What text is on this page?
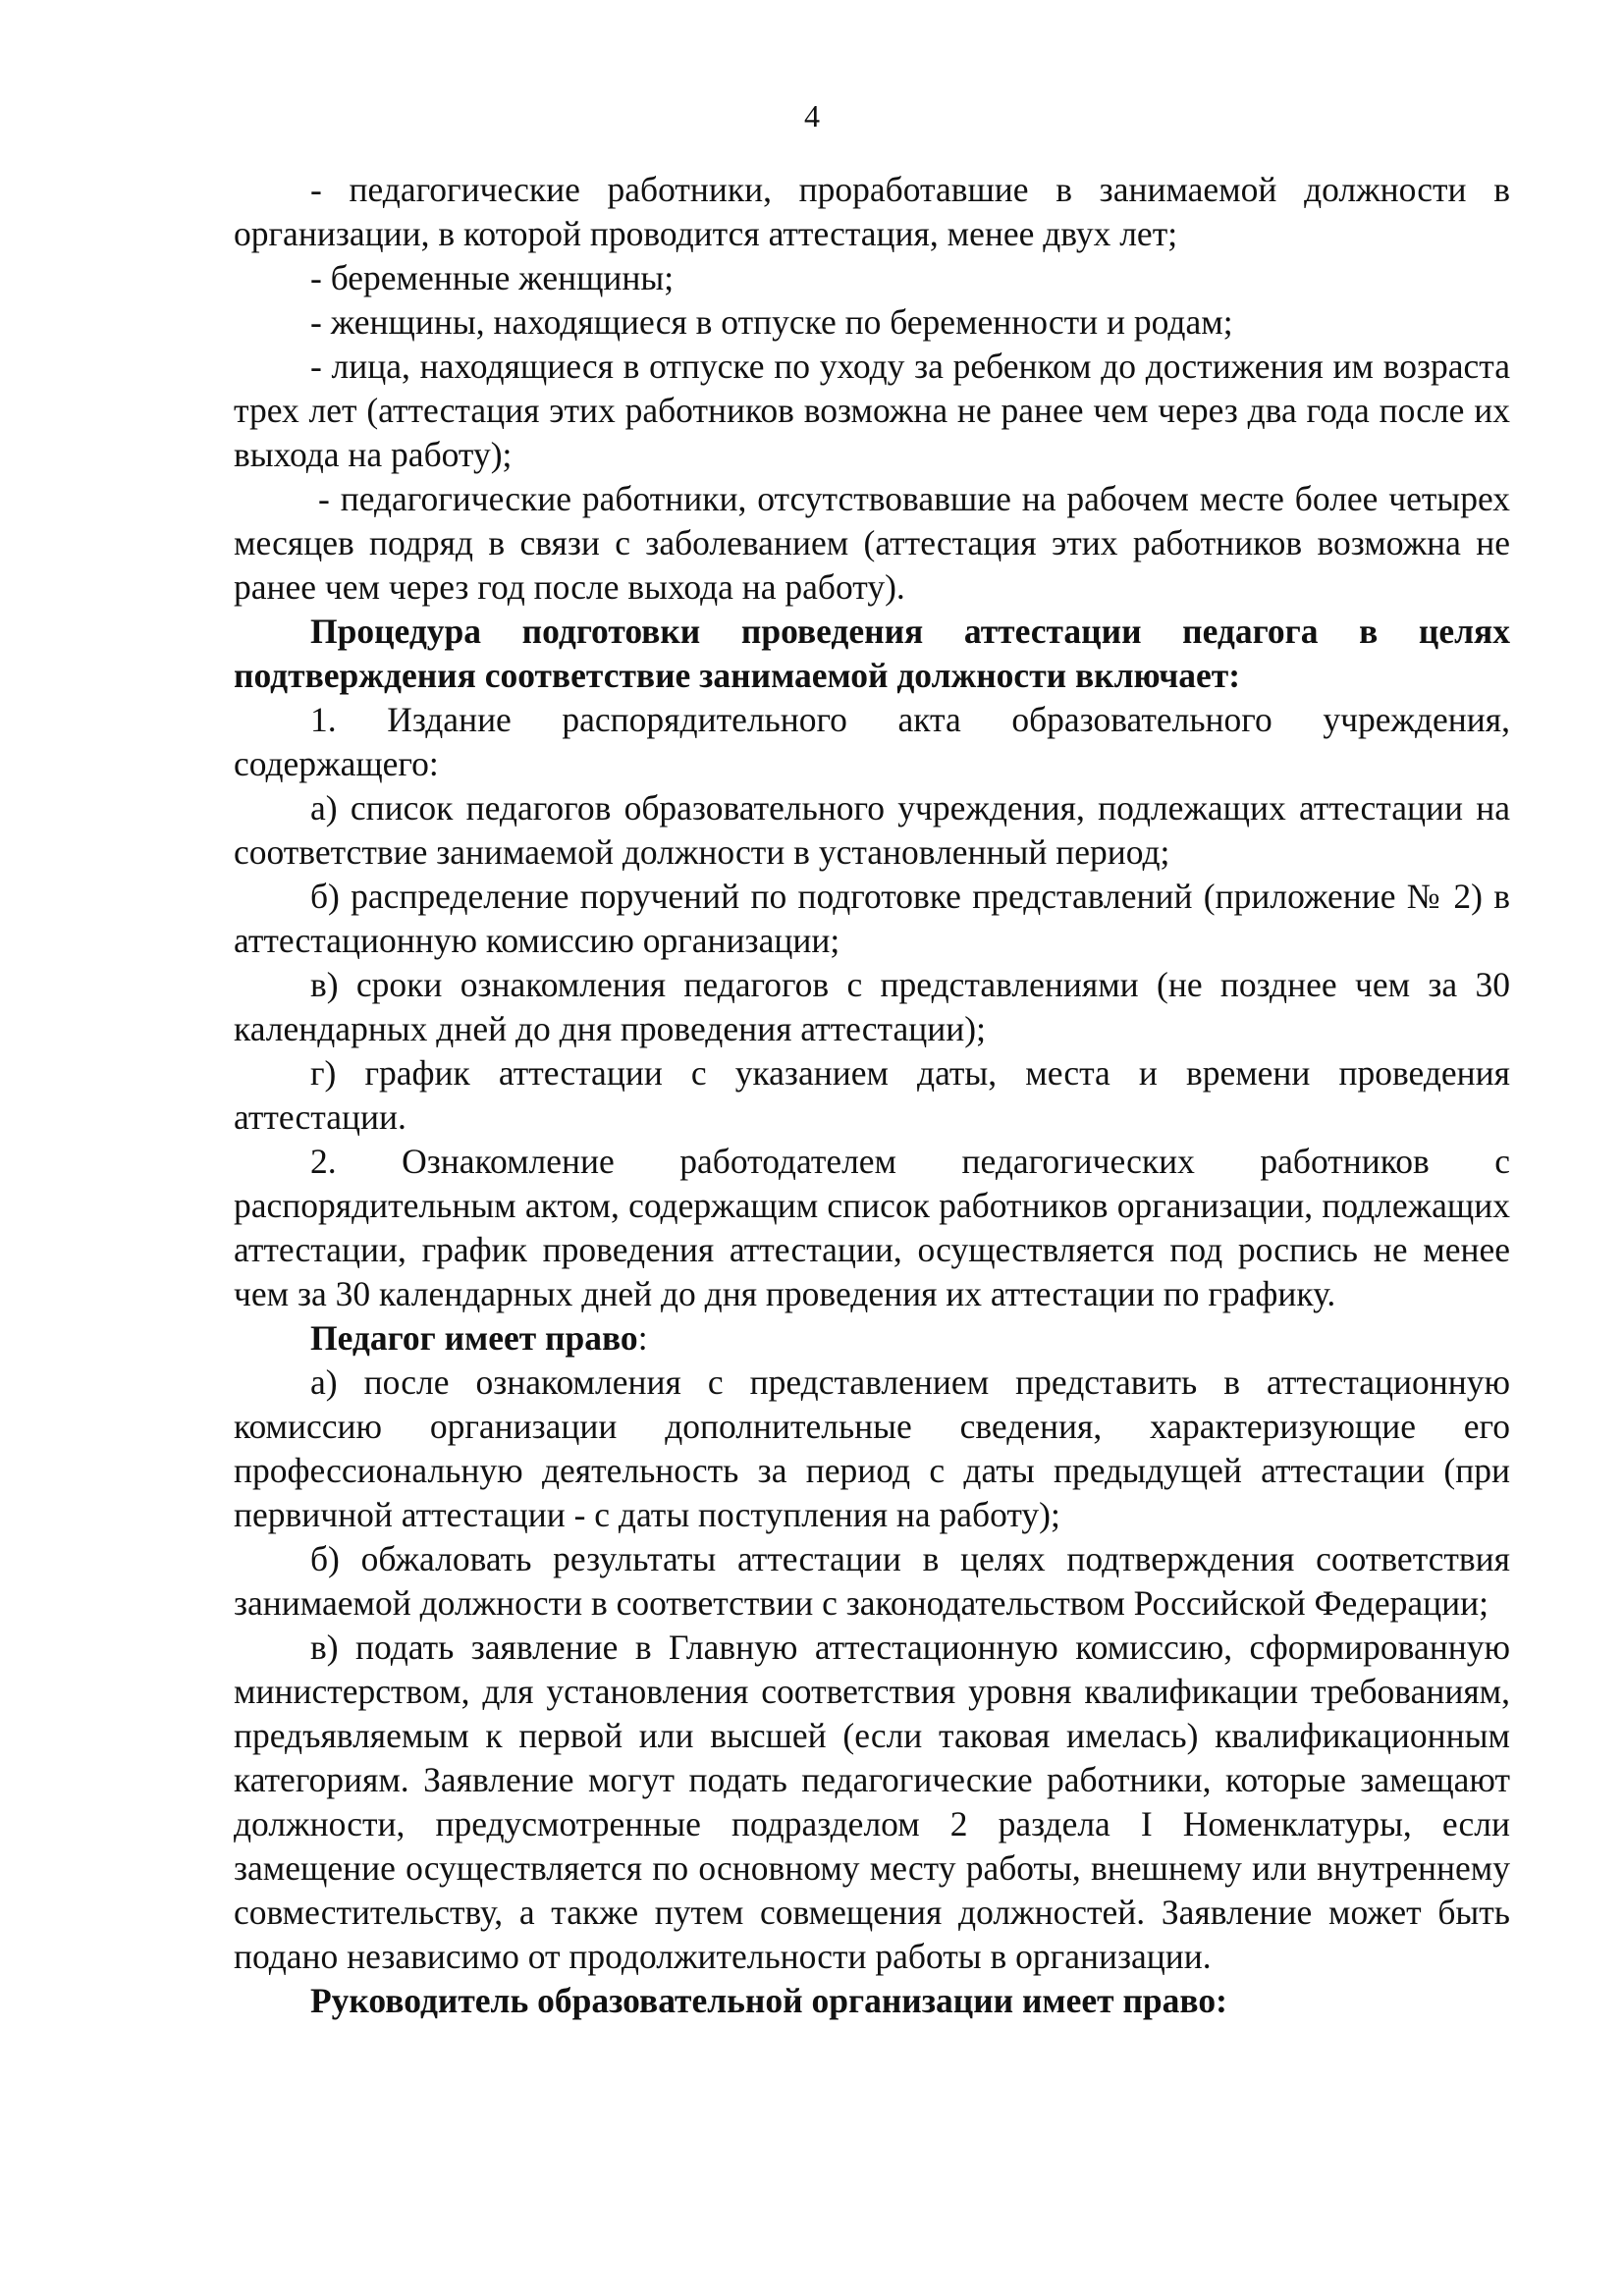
4

- педагогические работники, проработавшие в занимаемой должности в организации, в которой проводится аттестация, менее двух лет;

- беременные женщины;

- женщины, находящиеся в отпуске по беременности и родам;

- лица, находящиеся в отпуске по уходу за ребенком до достижения им возраста трех лет (аттестация этих работников возможна не ранее чем через два года после их выхода на работу);

- педагогические работники, отсутствовавшие на рабочем месте более четырех месяцев подряд в связи с заболеванием (аттестация этих работников возможна не ранее чем через год после выхода на работу).

Процедура подготовки проведения аттестации педагога в целях подтверждения соответствие занимаемой должности включает:

1. Издание распорядительного акта образовательного учреждения, содержащего:

а) список педагогов образовательного учреждения, подлежащих аттестации на соответствие занимаемой должности в установленный период;

б) распределение поручений по подготовке представлений (приложение № 2) в аттестационную комиссию организации;

в) сроки ознакомления педагогов с представлениями (не позднее чем за 30 календарных дней до дня проведения аттестации);

г) график аттестации с указанием даты, места и времени проведения аттестации.

2. Ознакомление работодателем педагогических работников с распорядительным актом, содержащим список работников организации, подлежащих аттестации, график проведения аттестации, осуществляется под роспись не менее чем за 30 календарных дней до дня проведения их аттестации по графику.

Педагог имеет право:

а) после ознакомления с представлением представить в аттестационную комиссию организации дополнительные сведения, характеризующие его профессиональную деятельность за период с даты предыдущей аттестации (при первичной аттестации - с даты поступления на работу);

б) обжаловать результаты аттестации в целях подтверждения соответствия занимаемой должности в соответствии с законодательством Российской Федерации;

в) подать заявление в Главную аттестационную комиссию, сформированную министерством, для установления соответствия уровня квалификации требованиям, предъявляемым к первой или высшей (если таковая имелась) квалификационным категориям. Заявление могут подать педагогические работники, которые замещают должности, предусмотренные подразделом 2 раздела I Номенклатуры, если замещение осуществляется по основному месту работы, внешнему или внутреннему совместительству, а также путем совмещения должностей. Заявление может быть подано независимо от продолжительности работы в организации.

Руководитель образовательной организации имеет право:
